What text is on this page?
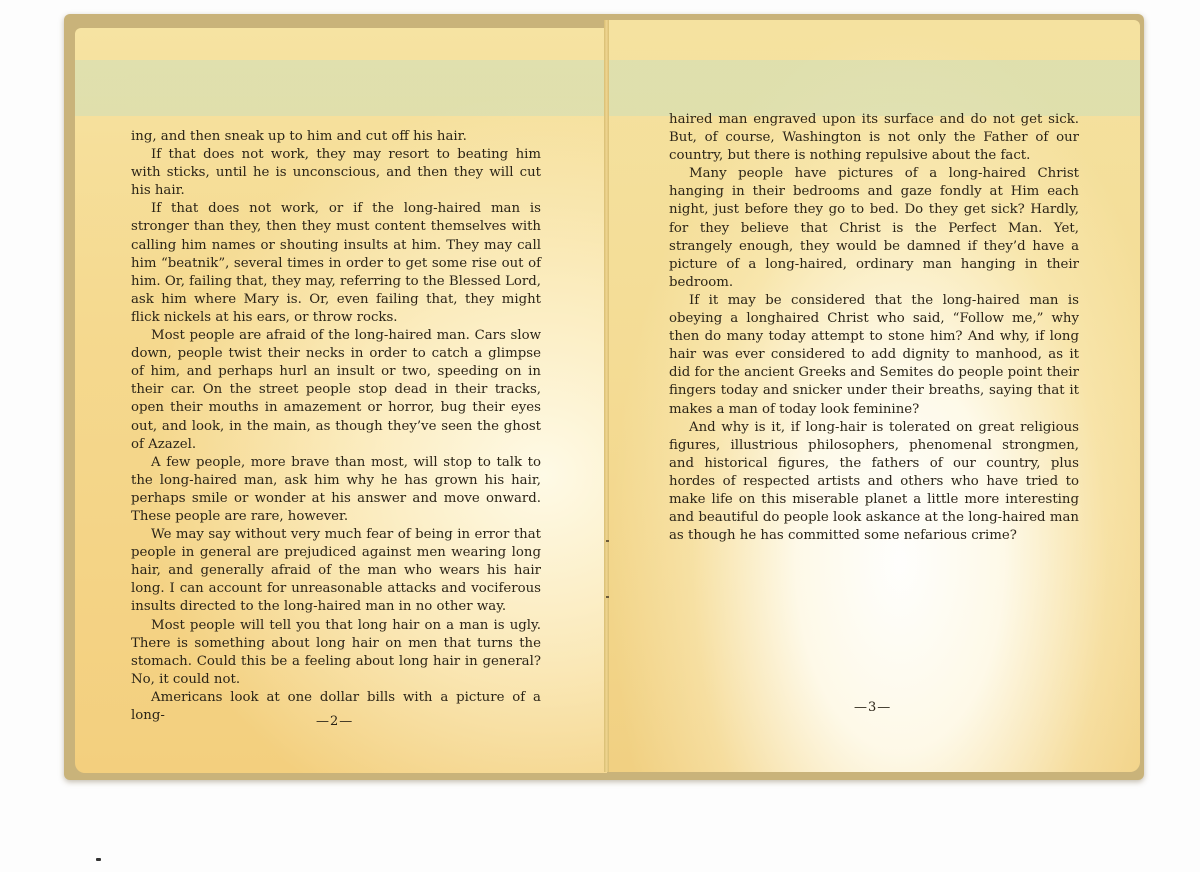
ing, and then sneak up to him and cut off his hair.

If that does not work, they may resort to beating him with sticks, until he is unconscious, and then they will cut his hair.

If that does not work, or if the long-haired man is stronger than they, then they must content themselves with calling him names or shouting insults at him. They may call him “beatnik”, several times in order to get some rise out of him. Or, failing that, they may, referring to the Blessed Lord, ask him where Mary is. Or, even failing that, they might flick nickels at his ears, or throw rocks.

Most people are afraid of the long-haired man. Cars slow down, people twist their necks in order to catch a glimpse of him, and perhaps hurl an insult or two, speeding on in their car. On the street people stop dead in their tracks, open their mouths in amazement or horror, bug their eyes out, and look, in the main, as though they’ve seen the ghost of Azazel.

A few people, more brave than most, will stop to talk to the long-haired man, ask him why he has grown his hair, perhaps smile or wonder at his answer and move onward. These people are rare, however.

We may say without very much fear of being in error that people in general are prejudiced against men wearing long hair, and generally afraid of the man who wears his hair long. I can account for unreasonable attacks and vociferous insults directed to the long-haired man in no other way.

Most people will tell you that long hair on a man is ugly. There is something about long hair on men that turns the stomach. Could this be a feeling about long hair in general? No, it could not.

Americans look at one dollar bills with a picture of a long-	—2—

haired man engraved upon its surface and do not get sick. But, of course, Washington is not only the Father of our country, but there is nothing repulsive about the fact.

Many people have pictures of a long-haired Christ hanging in their bedrooms and gaze fondly at Him each night, just before they go to bed. Do they get sick? Hardly, for they believe that Christ is the Perfect Man. Yet, strangely enough, they would be damned if they’d have a picture of a long-haired, ordinary man hanging in their bedroom.

If it may be considered that the long-haired man is obeying a longhaired Christ who said, “Follow me,” why then do many today attempt to stone him? And why, if long hair was ever considered to add dignity to manhood, as it did for the ancient Greeks and Semites do people point their fingers today and snicker under their breaths, saying that it makes a man of today look feminine?

And why is it, if long-hair is tolerated on great religious figures, illustrious philosophers, phenomenal strongmen, and historical figures, the fathers of our country, plus hordes of respected artists and others who have tried to make life on this miserable planet a little more interesting and beautiful do people look askance at the long-haired man as though he has committed some nefarious crime?

—3—
